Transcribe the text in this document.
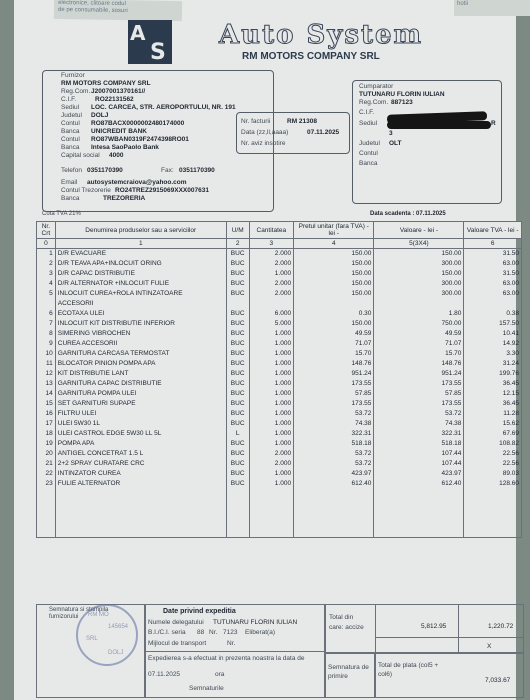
electronice, clitoare codul
de pe consumabile, sosuri
hotii
A
S
Auto System
RM MOTORS COMPANY SRL
Furnizor
RM MOTORS COMPANY SRL
Reg.Com. J2007001370161//
C.I.F.	RO22131562
Sediul LOC. CARCEA, STR. AEROPORTULUI, NR. 191
Judetul DOLJ
Contul RO87BACX0000002480174000
Banca UNICREDIT BANK
Contul RO87WBAN0319F2474398RO01
Banca Intesa SaoPaolo Bank
Capital social 4000
Telefon 0351170390	Fax: 0351170390
Email autosystemcraiova@yahoo.com
Contul Trezorerie RO24TREZ2915069XXX007631
Banca	TREZORERIA
Nr. facturii	RM 21308
Data (zz,ll,aaaa)	07.11.2025
Nr. aviz insotire
Cumparator
TUTUNARU FLORIN IULIAN
Reg.Com. 887123
C.I.F.
Sediul	R
3
Judetul OLT
Contul
Banca
Cota TVA 21%	Data scadenta : 07.11.2025
Nr. Crt	Denumirea produselor sau a serviciilor	U/M	Cantitatea	Pretul unitar (fara TVA) - lei -	Valoare - lei -	Valoare TVA - lei -
0	1	2	3	4	5(3X4)	6
1	D/R EVACUARE	BUC	2.000	150.00	150.00	31.50
2	D/R TEAVA APA+INLOCUIT ORING	BUC	2.000	150.00	300.00	63.00
3	D/R CAPAC DISTRIBUTIE	BUC	1.000	150.00	150.00	31.50
4	D/R ALTERNATOR +INLOCUIT FULIE	BUC	2.000	150.00	300.00	63.00
5	INLOCUIT CUREA+ROLA INTINZATOARE	BUC	2.000	150.00	300.00	63.00
	ACCESORII					
6	ECOTAXA ULEI	BUC	6.000	0.30	1.80	0.38
7	INLOCUIT KIT DISTRIBUTIE INFERIOR	BUC	5.000	150.00	750.00	157.50
8	SIMERING VIBROCHEN	BUC	1.000	49.59	49.59	10.41
9	CUREA ACCESORII	BUC	1.000	71.07	71.07	14.92
10	GARNITURA CARCASA TERMOSTAT	BUC	1.000	15.70	15.70	3.30
11	BLOCATOR PINION POMPA APA	BUC	1.000	148.76	148.76	31.24
12	KIT DISTRIBUTIE LANT	BUC	1.000	951.24	951.24	199.76
13	GARNITURA CAPAC DISTRIBUTIE	BUC	1.000	173.55	173.55	36.45
14	GARNITURA POMPA ULEI	BUC	1.000	57.85	57.85	12.15
15	SET GARNITURI SUPAPE	BUC	1.000	173.55	173.55	36.45
16	FILTRU ULEI	BUC	1.000	53.72	53.72	11.28
17	ULEI 5W30 1L	BUC	1.000	74.38	74.38	15.62
18	ULEI CASTROL EDGE 5W30 LL 5L	L	1.000	322.31	322.31	67.69
19	POMPA APA	BUC	1.000	518.18	518.18	108.82
20	ANTIGEL CONCETRAT 1.5 L	BUC	2.000	53.72	107.44	22.56
21	2+2 SPRAY CURATARE CRC	BUC	2.000	53.72	107.44	22.56
22	INTINZATOR CUREA	BUC	1.000	423.97	423.97	89.03
23	FULIE ALTERNATOR	BUC	1.000	612.40	612.40	128.60

Semnatura si stampila furnizorului	RM MO
145654
SRL
DOLJ
Date privind expeditia
Numele delegatului TUTUNARU FLORIN IULIAN
B.I./C.I. seria 88 Nr. 7123 Eliberat(a)
Mijlocul de transport	Nr.
Expedierea s-a efectuat in prezenta noastra la data de
07.11.2025	ora
Semnaturile
Total din care: accize	5,812.95	1,220.72
X
Semnatura de primire
Total de plata (col5 + col6)
7,033.67
